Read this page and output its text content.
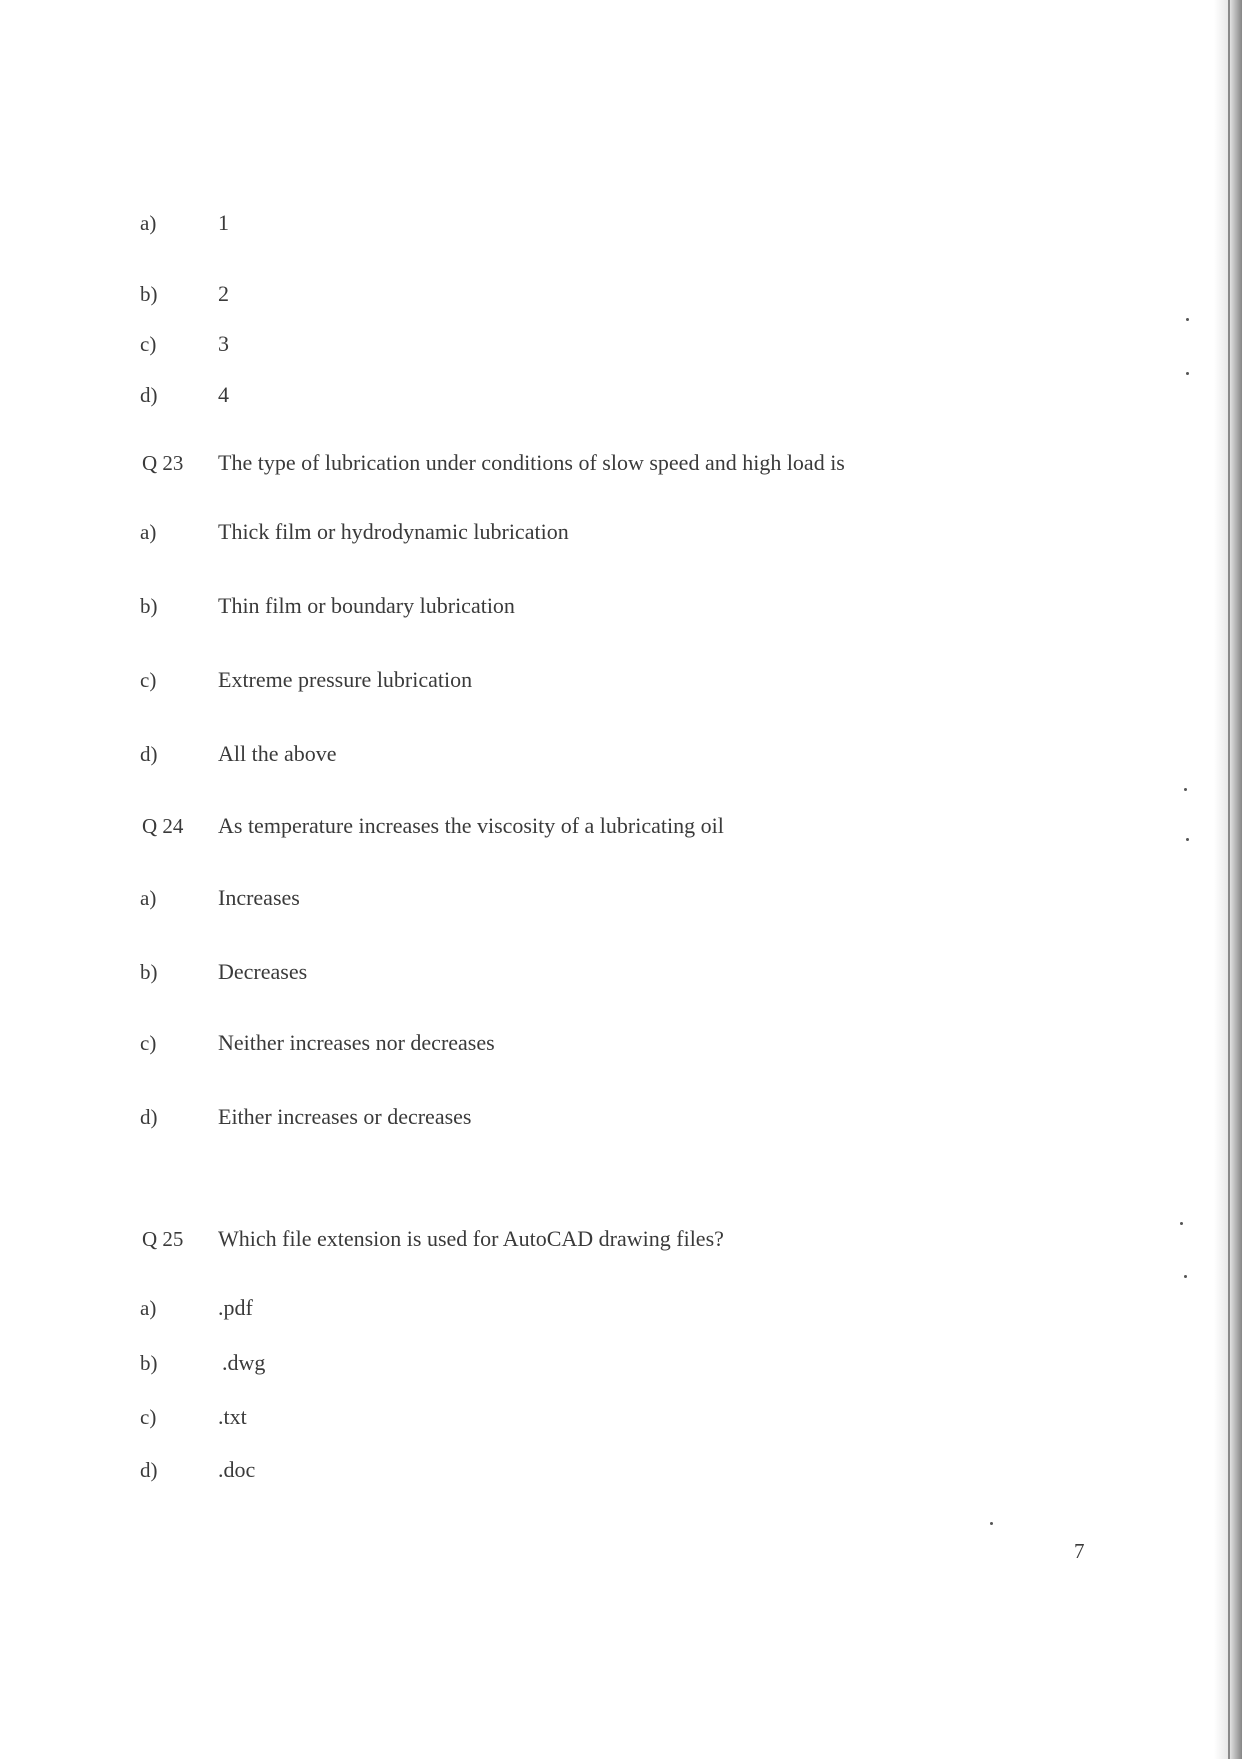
a)	1
b)	2
c)	3
d)	4
Q 23 The type of lubrication under conditions of slow speed and high load is
a)	Thick film or hydrodynamic lubrication
b)	Thin film or boundary lubrication
c)	Extreme pressure lubrication
d)	All the above
Q 24 As temperature increases the viscosity of a lubricating oil
a)	Increases
b)	Decreases
c)	Neither increases nor decreases
d)	Either increases or decreases
Q 25 Which file extension is used for AutoCAD drawing files?
a)	.pdf
b)	.dwg
c)	.txt
d)	.doc
7
